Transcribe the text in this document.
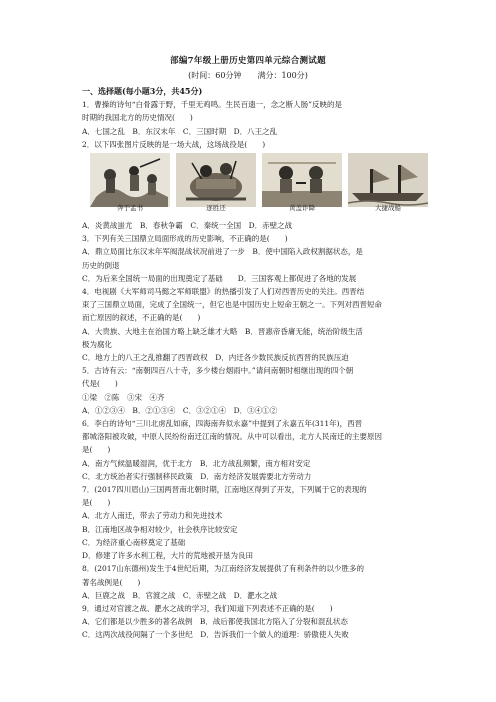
部编7年级上册历史第四单元综合测试题
(时间：60分钟　　满分：100分)
一、选择题(每小题3分，共45分)
1．曹操的诗句“白骨露于野，千里无鸡鸣。生民百遗一，念之断人肠”反映的是
时期的我国北方的历史情况(　　)
A．七国之乱　B．东汉末年　C．三国时期　D．八王之乱
2．以下四张图片反映的是一场大战，这场战役是(　　)
奔于孟书	逐胜还	黄盖诈降	大捷战船
A．炎黄战蚩尤　B．春秋争霸　C．秦统一全国　D．赤壁之战
3．下列有关三国鼎立局面形成的历史影响，不正确的是(　　)
A．鼎立局面比东汉末年军阀混战状况前进了一步　B．使中国陷入政权割据状态，是
历史的倒退
C．为后来全国统一局面的出现奠定了基础　　D．三国客观上都促进了各地的发展
4．电视剧《大军师司马懿之军师联盟》的热播引发了人们对西晋历史的关注。西晋结
束了三国鼎立局面，完成了全国统一，但它也是中国历史上短命王朝之一。下列对西晋短命
而亡原因的叙述，不正确的是(　　)
A．大贵族、大地主在治国方略上缺乏雄才大略　B．晋惠帝昏庸无能，统治阶级生活
极为腐化
C．地方上的八王之乱推翻了西晋政权　D．内迁各少数民族反抗西晋的民族压迫
5．古诗有云：“南朝四百八十寺，多少楼台烟雨中。”请问南朝时相继出现的四个朝
代是(　　)
①梁　②陈　③宋　④齐
A．①②③④　B．②①③④　C．③②①④　D．③④①②
6．李白的诗句“三川北虏乱如麻，四海南奔似永嘉”中提到了永嘉五年(311年)，西晋
都城洛阳被攻破，中原人民纷纷南迁江南的情况。从中可以看出，北方人民南迁的主要原因
是(　　)
A．南方气候温暖湿润，优于北方　B．北方战乱频繁，南方相对安定
C．北方统治者实行强制移民政策　D．南方经济发展需要北方劳动力
7．(2017四川眉山)三国两晋南北朝时期，江南地区得到了开发，下列属于它的表现的
是(　　)
A．北方人南迁，带去了劳动力和先进技术
B．江南地区战争相对较少，社会秩序比较安定
C．为经济重心南移奠定了基础
D．修建了许多水利工程，大片的荒地被开垦为良田
8．(2017山东德州)发生于4世纪后期，为江南经济发展提供了有利条件的以少胜多的
著名战例是(　　)
A．巨鹿之战　B．官渡之战　C．赤壁之战　D．淝水之战
9．通过对官渡之战、淝水之战的学习，我们知道下列表述不正确的是(　　)
A．它们都是以少胜多的著名战例　B．战后都使我国北方陷入了分裂和混乱状态
C．这两次战役间隔了一个多世纪　D．告诉我们一个做人的道理：骄傲使人失败
